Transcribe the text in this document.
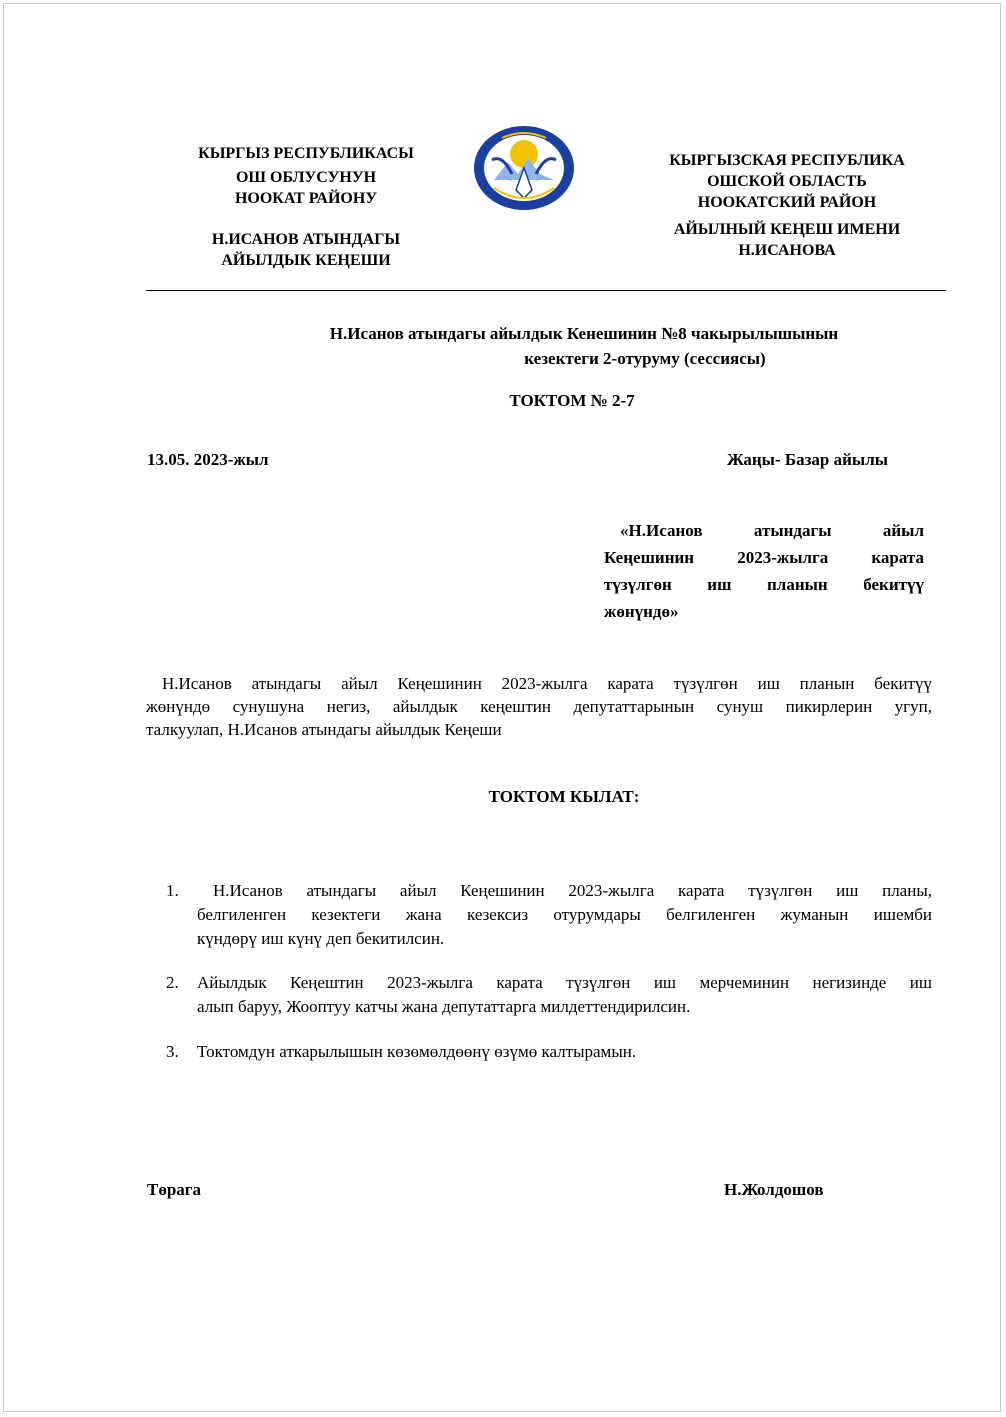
КЫРГЫЗ РЕСПУБЛИКАСЫ
ОШ ОБЛУСУНУН
НООКАТ РАЙОНУ
Н.ИСАНОВ АТЫНДАГЫ
АЙЫЛДЫК КЕҢЕШИ
КЫРГЫЗСКАЯ РЕСПУБЛИКА
ОШСКОЙ ОБЛАСТЬ
НООКАТСКИЙ РАЙОН
АЙЫЛНЫЙ КЕҢЕШ ИМЕНИ
Н.ИСАНОВА
Н.Исанов атындагы айылдык Кенешинин №8 чакырылышынын
кезектеги 2-отуруму (сессиясы)
ТОКТОМ № 2-7
13.05. 2023-жыл	Жаңы- Базар айылы
«Н.Исанов атындагы айыл
Кеңешинин 2023-жылга карата
түзүлгөн иш планын бекитүү
жөнүндө»
Н.Исанов атындагы айыл Кеңешинин 2023-жылга карата түзүлгөн иш планын бекитүү
жөнүндө сунушуна негиз, айылдык кеңештин депутаттарынын сунуш пикирлерин угуп,
талкуулап, Н.Исанов атындагы айылдык Кеңеши
ТОКТОМ КЫЛАТ:
1.	Н.Исанов атындагы айыл Кеңешинин 2023-жылга карата түзүлгөн иш планы,
белгиленген кезектеги жана кезексиз отурумдары белгиленген жуманын ишемби
күндөрү иш күнү деп бекитилсин.
2. Айылдык Кеңештин 2023-жылга карата түзүлгөн иш мерчеминин негизинде иш
алып баруу, Жооптуу катчы жана депутаттарга милдеттендирилсин.
3. Токтомдун аткарылышын көзөмөлдөөнү өзүмө калтырамын.
Төрага	Н.Жолдошов
